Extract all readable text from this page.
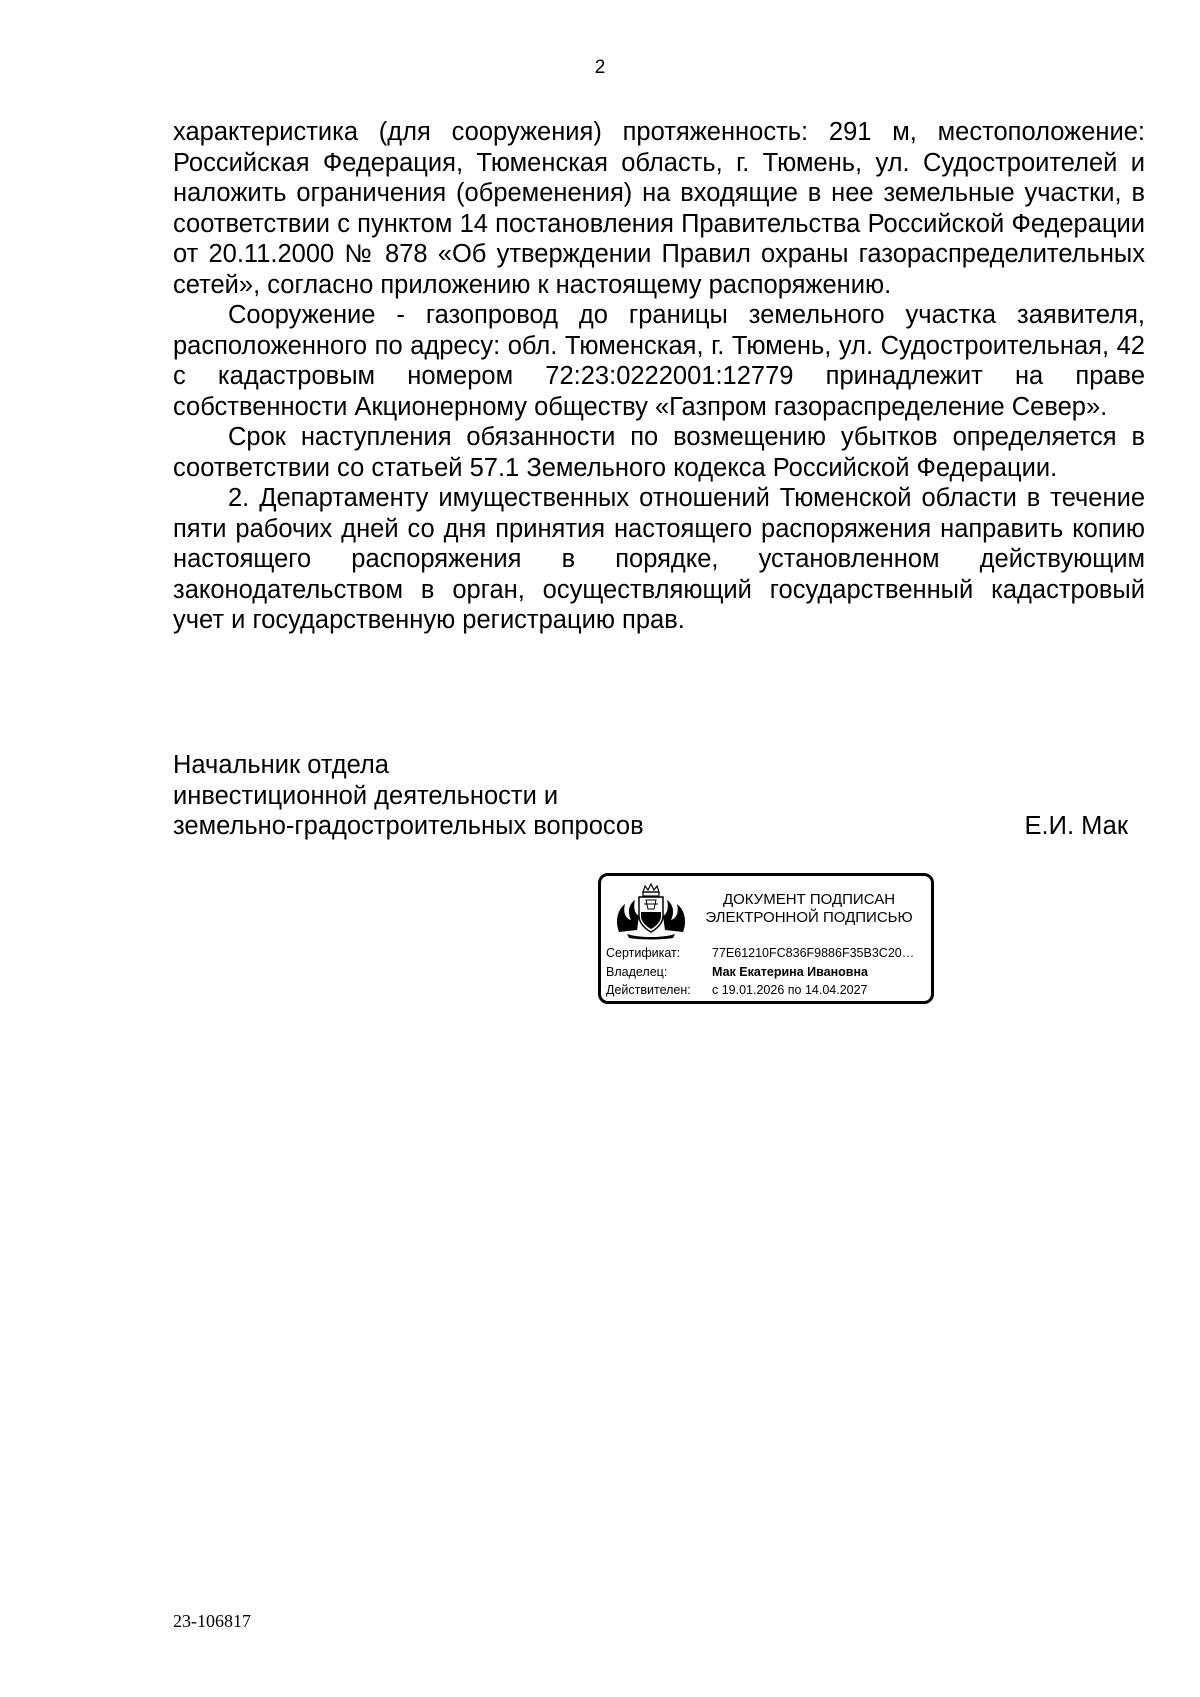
2

характеристика (для сооружения) протяженность: 291 м, местоположение: Российская Федерация, Тюменская область, г. Тюмень, ул. Судостроителей и наложить ограничения (обременения) на входящие в нее земельные участки, в соответствии с пунктом 14 постановления Правительства Российской Федерации от 20.11.2000 № 878 «Об утверждении Правил охраны газораспределительных сетей», согласно приложению к настоящему распоряжению.

Сооружение - газопровод до границы земельного участка заявителя, расположенного по адресу: обл. Тюменская, г. Тюмень, ул. Судостроительная, 42 с кадастровым номером 72:23:0222001:12779 принадлежит на праве собственности Акционерному обществу «Газпром газораспределение Север».

Срок наступления обязанности по возмещению убытков определяется в соответствии со статьей 57.1 Земельного кодекса Российской Федерации.

2. Департаменту имущественных отношений Тюменской области в течение пяти рабочих дней со дня принятия настоящего распоряжения направить копию настоящего распоряжения в порядке, установленном действующим законодательством в орган, осуществляющий государственный кадастровый учет и государственную регистрацию прав.

Начальник отдела
инвестиционной деятельности и
земельно-градостроительных вопросов	Е.И. Мак
ДОКУМЕНТ ПОДПИСАН
ЭЛЕКТРОННОЙ ПОДПИСЬЮ
Сертификат:	77E61210FC836F9886F35B3C20…
Владелец:	Мак Екатерина Ивановна
Действителен: с 19.01.2026 по 14.04.2027
23-106817
